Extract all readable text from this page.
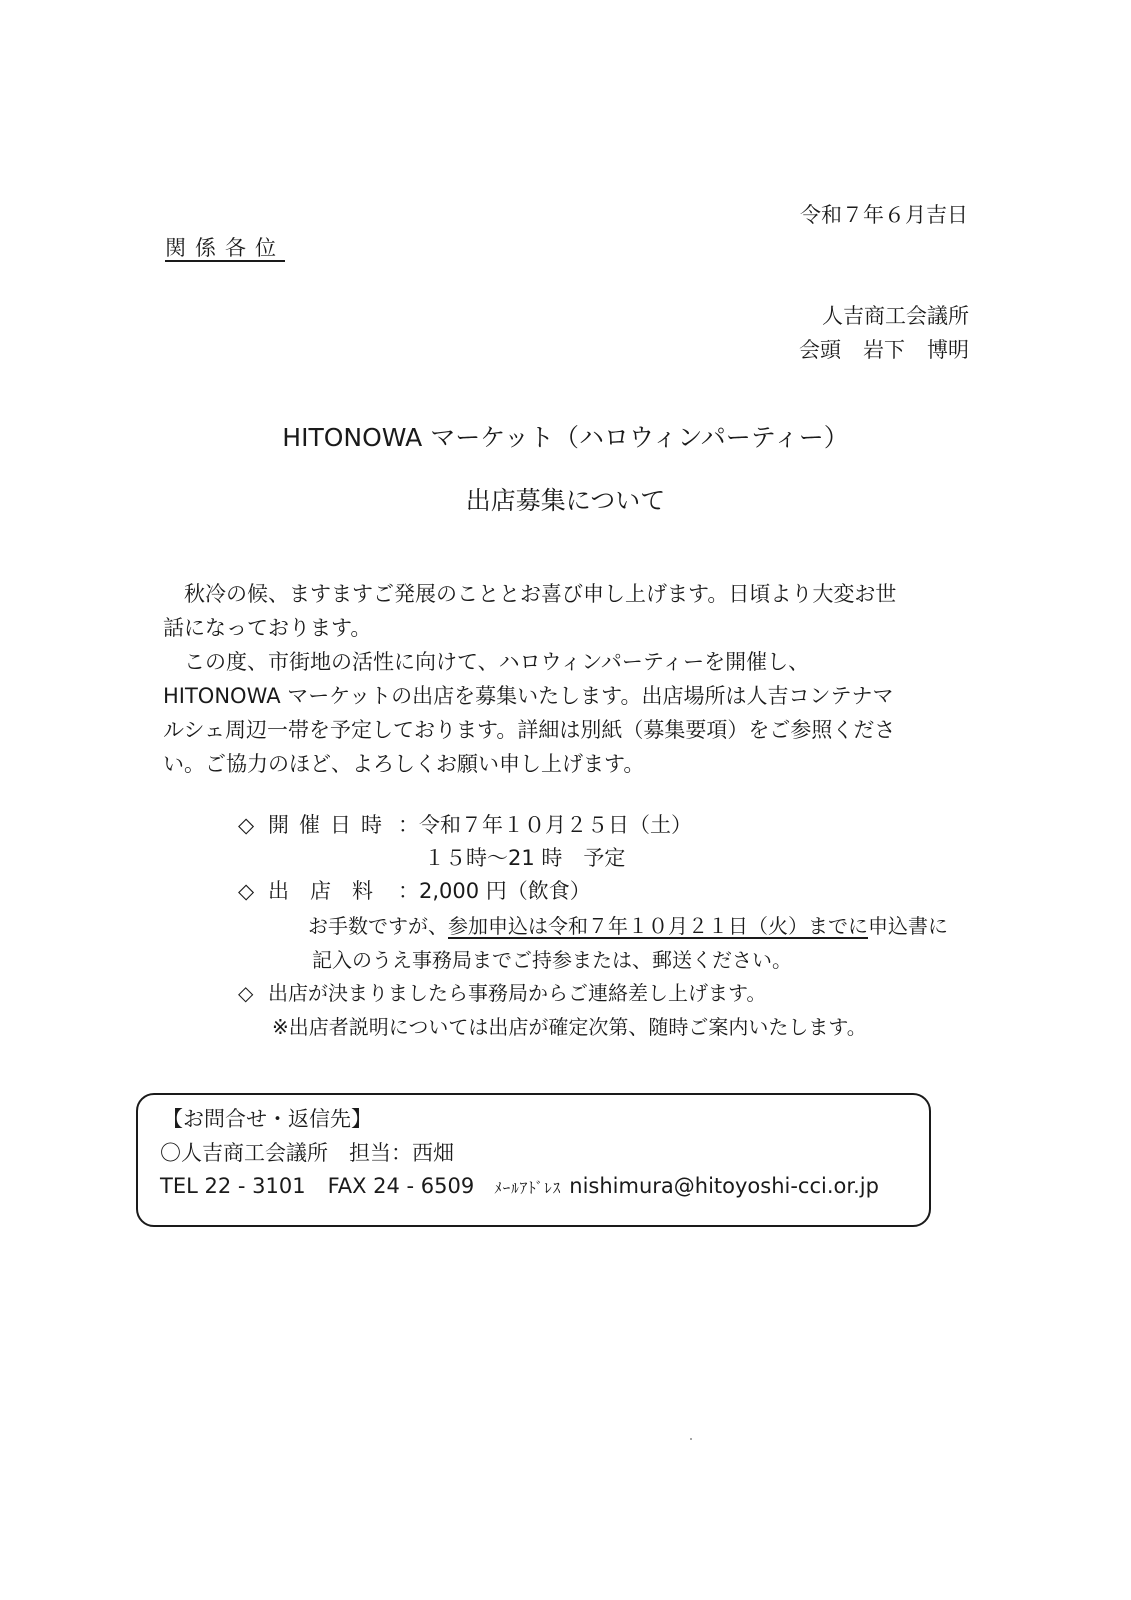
令和７年６月吉日
関係各位
人吉商工会議所
会頭 岩下 博明
HITONOWA マーケット（ハロウィンパーティー）
出店募集について

　秋冷の候、ますますご発展のこととお喜び申し上げます。日頃より大変お世

話になっております。

　この度、市街地の活性に向けて、ハロウィンパーティーを開催し、

HITONOWA マーケットの出店を募集いたします。出店場所は人吉コンテナマ

ルシェ周辺一帯を予定しております。詳細は別紙（募集要項）をご参照くださ

い。ご協力のほど、よろしくお願い申し上げます。

◇ 開催日時 ：令和７年１０月２５日（土）
１５時～21 時　予定
◇ 出店料 ：2,000 円（飲食）
お手数ですが、参加申込は令和７年１０月２１日（火）までに申込書に
記入のうえ事務局までご持参または、郵送ください。
◇ 出店が決まりましたら事務局からご連絡差し上げます。
※出店者説明については出店が確定次第、随時ご案内いたします。
【お問合せ・返信先】
〇人吉商工会議所　担当：西畑
TEL 22 - 3101 FAX 24 - 6509 ﾒｰﾙｱﾄﾞﾚｽ nishimura@hitoyoshi-cci.or.jp
